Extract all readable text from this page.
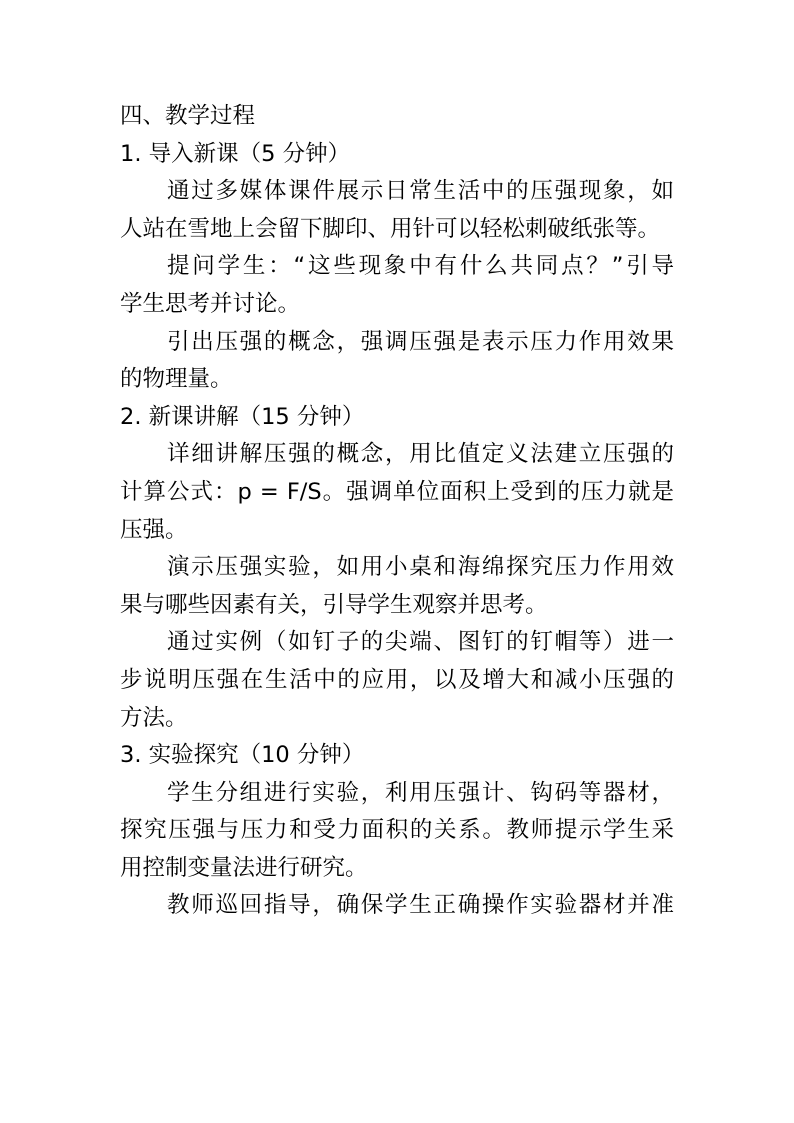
四、教学过程
1. 导入新课（5 分钟）
通过多媒体课件展示日常生活中的压强现象，如
人站在雪地上会留下脚印、用针可以轻松刺破纸张等。
提问学生：“这些现象中有什么共同点？”引导
学生思考并讨论。
引出压强的概念，强调压强是表示压力作用效果
的物理量。
2. 新课讲解（15 分钟）
详细讲解压强的概念，用比值定义法建立压强的
计算公式：p = F/S。强调单位面积上受到的压力就是
压强。
演示压强实验，如用小桌和海绵探究压力作用效
果与哪些因素有关，引导学生观察并思考。
通过实例（如钉子的尖端、图钉的钉帽等）进一
步说明压强在生活中的应用，以及增大和减小压强的
方法。
3. 实验探究（10 分钟）
学生分组进行实验，利用压强计、钩码等器材，
探究压强与压力和受力面积的关系。教师提示学生采
用控制变量法进行研究。
教师巡回指导，确保学生正确操作实验器材并准
